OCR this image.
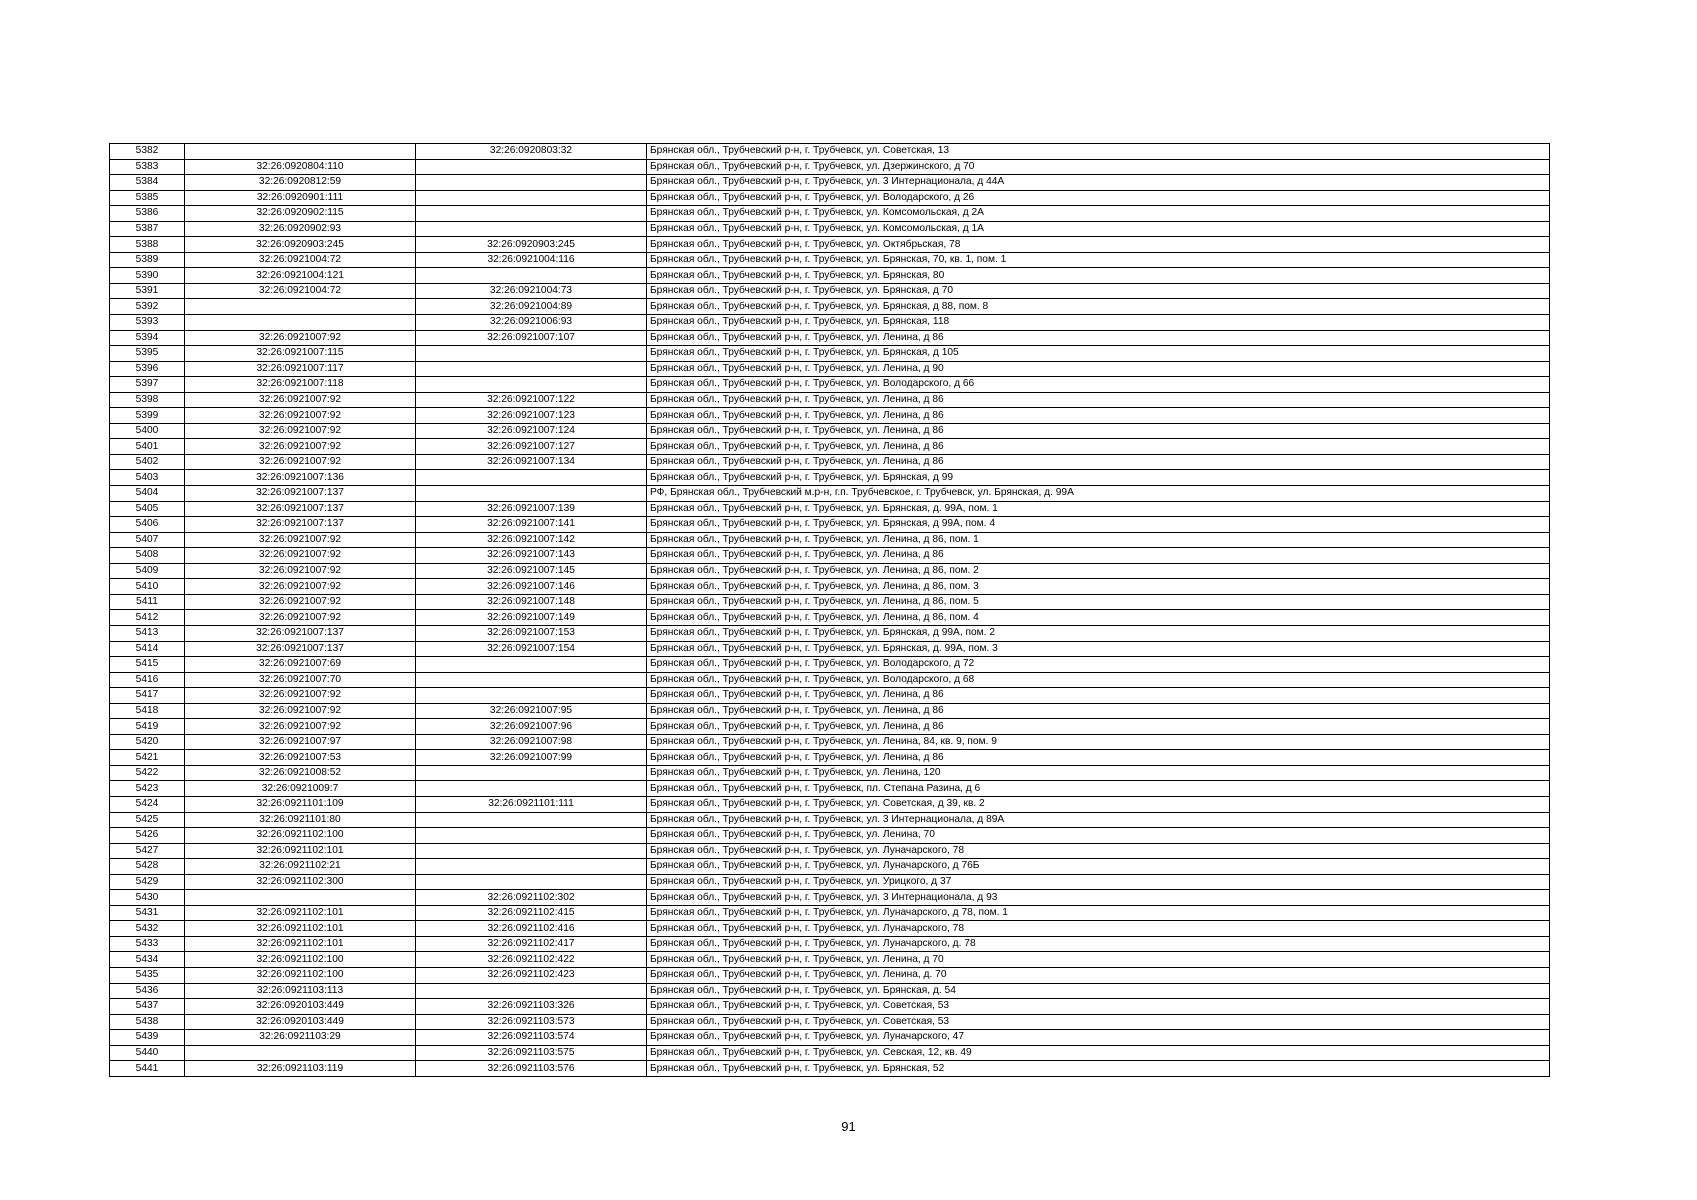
5382		32:26:0920803:32	Брянская обл., Трубчевский р-н, г. Трубчевск, ул. Советская, 13
5383	32:26:0920804:110		Брянская обл., Трубчевский р-н, г. Трубчевск, ул. Дзержинского, д 70
5384	32:26:0920812:59		Брянская обл., Трубчевский р-н, г. Трубчевск, ул. 3 Интернационала, д 44А
5385	32:26:0920901:111		Брянская обл., Трубчевский р-н, г. Трубчевск, ул. Володарского, д 26
5386	32:26:0920902:115		Брянская обл., Трубчевский р-н, г. Трубчевск, ул. Комсомольская, д 2А
5387	32:26:0920902:93		Брянская обл., Трубчевский р-н, г. Трубчевск, ул. Комсомольская, д 1А
5388	32:26:0920903:245	32:26:0920903:245	Брянская обл., Трубчевский р-н, г. Трубчевск, ул. Октябрьская, 78
5389	32:26:0921004:72	32:26:0921004:116	Брянская обл., Трубчевский р-н, г. Трубчевск, ул. Брянская, 70, кв. 1, пом. 1
5390	32:26:0921004:121		Брянская обл., Трубчевский р-н, г. Трубчевск, ул. Брянская, 80
5391	32:26:0921004:72	32:26:0921004:73	Брянская обл., Трубчевский р-н, г. Трубчевск, ул. Брянская, д 70
5392		32:26:0921004:89	Брянская обл., Трубчевский р-н, г. Трубчевск, ул. Брянская, д 88, пом. 8
5393		32:26:0921006:93	Брянская обл., Трубчевский р-н, г. Трубчевск, ул. Брянская, 118
5394	32:26:0921007:92	32:26:0921007:107	Брянская обл., Трубчевский р-н, г. Трубчевск, ул. Ленина, д 86
5395	32:26:0921007:115		Брянская обл., Трубчевский р-н, г. Трубчевск, ул. Брянская, д 105
5396	32:26:0921007:117		Брянская обл., Трубчевский р-н, г. Трубчевск, ул. Ленина, д 90
5397	32:26:0921007:118		Брянская обл., Трубчевский р-н, г. Трубчевск, ул. Володарского, д 66
5398	32:26:0921007:92	32:26:0921007:122	Брянская обл., Трубчевский р-н, г. Трубчевск, ул. Ленина, д 86
5399	32:26:0921007:92	32:26:0921007:123	Брянская обл., Трубчевский р-н, г. Трубчевск, ул. Ленина, д 86
5400	32:26:0921007:92	32:26:0921007:124	Брянская обл., Трубчевский р-н, г. Трубчевск, ул. Ленина, д 86
5401	32:26:0921007:92	32:26:0921007:127	Брянская обл., Трубчевский р-н, г. Трубчевск, ул. Ленина, д 86
5402	32:26:0921007:92	32:26:0921007:134	Брянская обл., Трубчевский р-н, г. Трубчевск, ул. Ленина, д 86
5403	32:26:0921007:136		Брянская обл., Трубчевский р-н, г. Трубчевск, ул. Брянская, д 99
5404	32:26:0921007:137		РФ, Брянская обл., Трубчевский м.р-н, г.п. Трубчевское, г. Трубчевск, ул. Брянская, д. 99А
5405	32:26:0921007:137	32:26:0921007:139	Брянская обл., Трубчевский р-н, г. Трубчевск, ул. Брянская, д. 99А, пом. 1
5406	32:26:0921007:137	32:26:0921007:141	Брянская обл., Трубчевский р-н, г. Трубчевск, ул. Брянская, д 99А, пом. 4
5407	32:26:0921007:92	32:26:0921007:142	Брянская обл., Трубчевский р-н, г. Трубчевск, ул. Ленина, д 86, пом. 1
5408	32:26:0921007:92	32:26:0921007:143	Брянская обл., Трубчевский р-н, г. Трубчевск, ул. Ленина, д 86
5409	32:26:0921007:92	32:26:0921007:145	Брянская обл., Трубчевский р-н, г. Трубчевск, ул. Ленина, д 86, пом. 2
5410	32:26:0921007:92	32:26:0921007:146	Брянская обл., Трубчевский р-н, г. Трубчевск, ул. Ленина, д 86, пом. 3
5411	32:26:0921007:92	32:26:0921007:148	Брянская обл., Трубчевский р-н, г. Трубчевск, ул. Ленина, д 86, пом. 5
5412	32:26:0921007:92	32:26:0921007:149	Брянская обл., Трубчевский р-н, г. Трубчевск, ул. Ленина, д 86, пом. 4
5413	32:26:0921007:137	32:26:0921007:153	Брянская обл., Трубчевский р-н, г. Трубчевск, ул. Брянская, д 99А, пом. 2
5414	32:26:0921007:137	32:26:0921007:154	Брянская обл., Трубчевский р-н, г. Трубчевск, ул. Брянская, д. 99А, пом. 3
5415	32:26:0921007:69		Брянская обл., Трубчевский р-н, г. Трубчевск, ул. Володарского, д 72
5416	32:26:0921007:70		Брянская обл., Трубчевский р-н, г. Трубчевск, ул. Володарского, д 68
5417	32:26:0921007:92		Брянская обл., Трубчевский р-н, г. Трубчевск, ул. Ленина, д 86
5418	32:26:0921007:92	32:26:0921007:95	Брянская обл., Трубчевский р-н, г. Трубчевск, ул. Ленина, д 86
5419	32:26:0921007:92	32:26:0921007:96	Брянская обл., Трубчевский р-н, г. Трубчевск, ул. Ленина, д 86
5420	32:26:0921007:97	32:26:0921007:98	Брянская обл., Трубчевский р-н, г. Трубчевск, ул. Ленина, 84, кв. 9, пом. 9
5421	32:26:0921007:53	32:26:0921007:99	Брянская обл., Трубчевский р-н, г. Трубчевск, ул. Ленина, д 86
5422	32:26:0921008:52		Брянская обл., Трубчевский р-н, г. Трубчевск, ул. Ленина, 120
5423	32:26:0921009:7		Брянская обл., Трубчевский р-н, г. Трубчевск, пл. Степана Разина, д 6
5424	32:26:0921101:109	32:26:0921101:111	Брянская обл., Трубчевский р-н, г. Трубчевск, ул. Советская, д 39, кв. 2
5425	32:26:0921101:80		Брянская обл., Трубчевский р-н, г. Трубчевск, ул. 3 Интернационала, д 89А
5426	32:26:0921102:100		Брянская обл., Трубчевский р-н, г. Трубчевск, ул. Ленина, 70
5427	32:26:0921102:101		Брянская обл., Трубчевский р-н, г. Трубчевск, ул. Луначарского, 78
5428	32:26:0921102:21		Брянская обл., Трубчевский р-н, г. Трубчевск, ул. Луначарского, д 76Б
5429	32:26:0921102:300		Брянская обл., Трубчевский р-н, г. Трубчевск, ул. Урицкого, д 37
5430		32:26:0921102:302	Брянская обл., Трубчевский р-н, г. Трубчевск, ул. 3 Интернационала, д 93
5431	32:26:0921102:101	32:26:0921102:415	Брянская обл., Трубчевский р-н, г. Трубчевск, ул. Луначарского, д 78, пом. 1
5432	32:26:0921102:101	32:26:0921102:416	Брянская обл., Трубчевский р-н, г. Трубчевск, ул. Луначарского, 78
5433	32:26:0921102:101	32:26:0921102:417	Брянская обл., Трубчевский р-н, г. Трубчевск, ул. Луначарского, д. 78
5434	32:26:0921102:100	32:26:0921102:422	Брянская обл., Трубчевский р-н, г. Трубчевск, ул. Ленина, д 70
5435	32:26:0921102:100	32:26:0921102:423	Брянская обл., Трубчевский р-н, г. Трубчевск, ул. Ленина, д. 70
5436	32:26:0921103:113		Брянская обл., Трубчевский р-н, г. Трубчевск, ул. Брянская, д. 54
5437	32:26:0920103:449	32:26:0921103:326	Брянская обл., Трубчевский р-н, г. Трубчевск, ул. Советская, 53
5438	32:26:0920103:449	32:26:0921103:573	Брянская обл., Трубчевский р-н, г. Трубчевск, ул. Советская, 53
5439	32:26:0921103:29	32:26:0921103:574	Брянская обл., Трубчевский р-н, г. Трубчевск, ул. Луначарского, 47
5440		32:26:0921103:575	Брянская обл., Трубчевский р-н, г. Трубчевск, ул. Севская, 12, кв. 49
5441	32:26:0921103:119	32:26:0921103:576	Брянская обл., Трубчевский р-н, г. Трубчевск, ул. Брянская, 52
91
